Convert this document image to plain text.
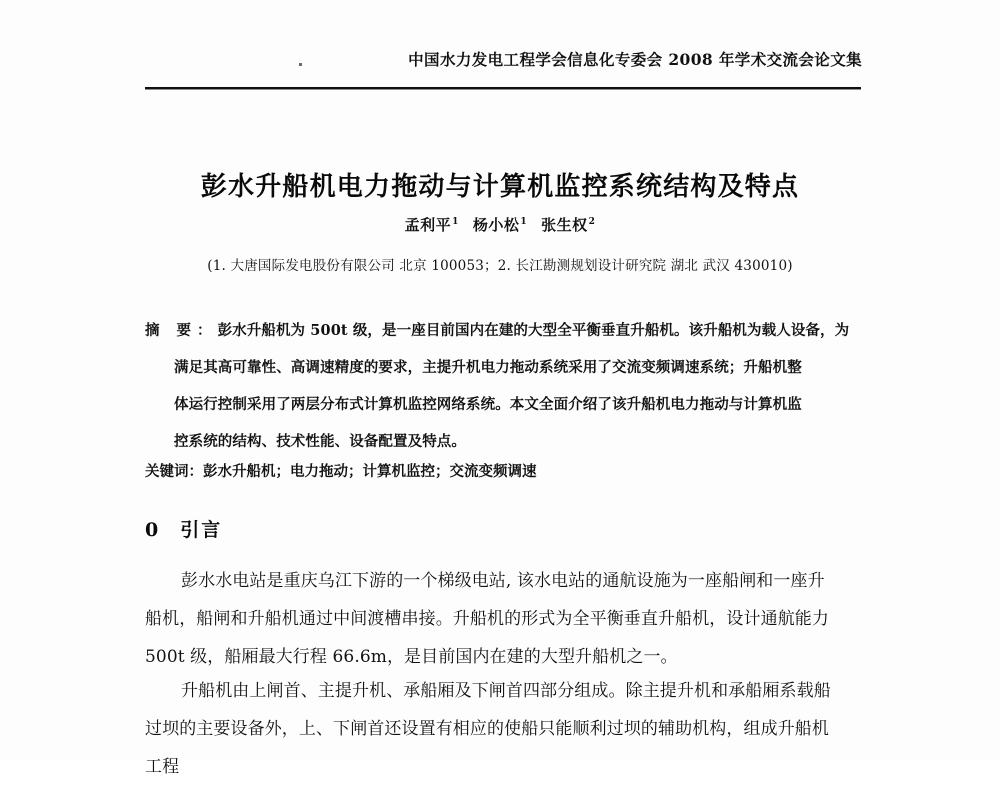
中国水力发电工程学会信息化专委会 2008 年学术交流会论文集
彭水升船机电力拖动与计算机监控系统结构及特点
孟利平$^1$ 杨小松$^1$ 张生权$^2$
(1. 大唐国际发电股份有限公司 北京 100053；2. 长江勘测规划设计研究院 湖北 武汉 430010)
摘 要：彭水升船机为 500t 级，是一座目前国内在建的大型全平衡垂直升船机。该升船机为载人设备，为
满足其高可靠性、高调速精度的要求，主提升机电力拖动系统采用了交流变频调速系统；升船机整
体运行控制采用了两层分布式计算机监控网络系统。本文全面介绍了该升船机电力拖动与计算机监
控系统的结构、技术性能、设备配置及特点。
关键词：彭水升船机；电力拖动；计算机监控；交流变频调速
0 引言
彭水水电站是重庆乌江下游的一个梯级电站, 该水电站的通航设施为一座船闸和一座升
船机，船闸和升船机通过中间渡槽串接。升船机的形式为全平衡垂直升船机，设计通航能力
500t 级，船厢最大行程 66.6m，是目前国内在建的大型升船机之一。
升船机由上闸首、主提升机、承船厢及下闸首四部分组成。除主提升机和承船厢系载船
过坝的主要设备外，上、下闸首还设置有相应的使船只能顺利过坝的辅助机构，组成升船机
工程
